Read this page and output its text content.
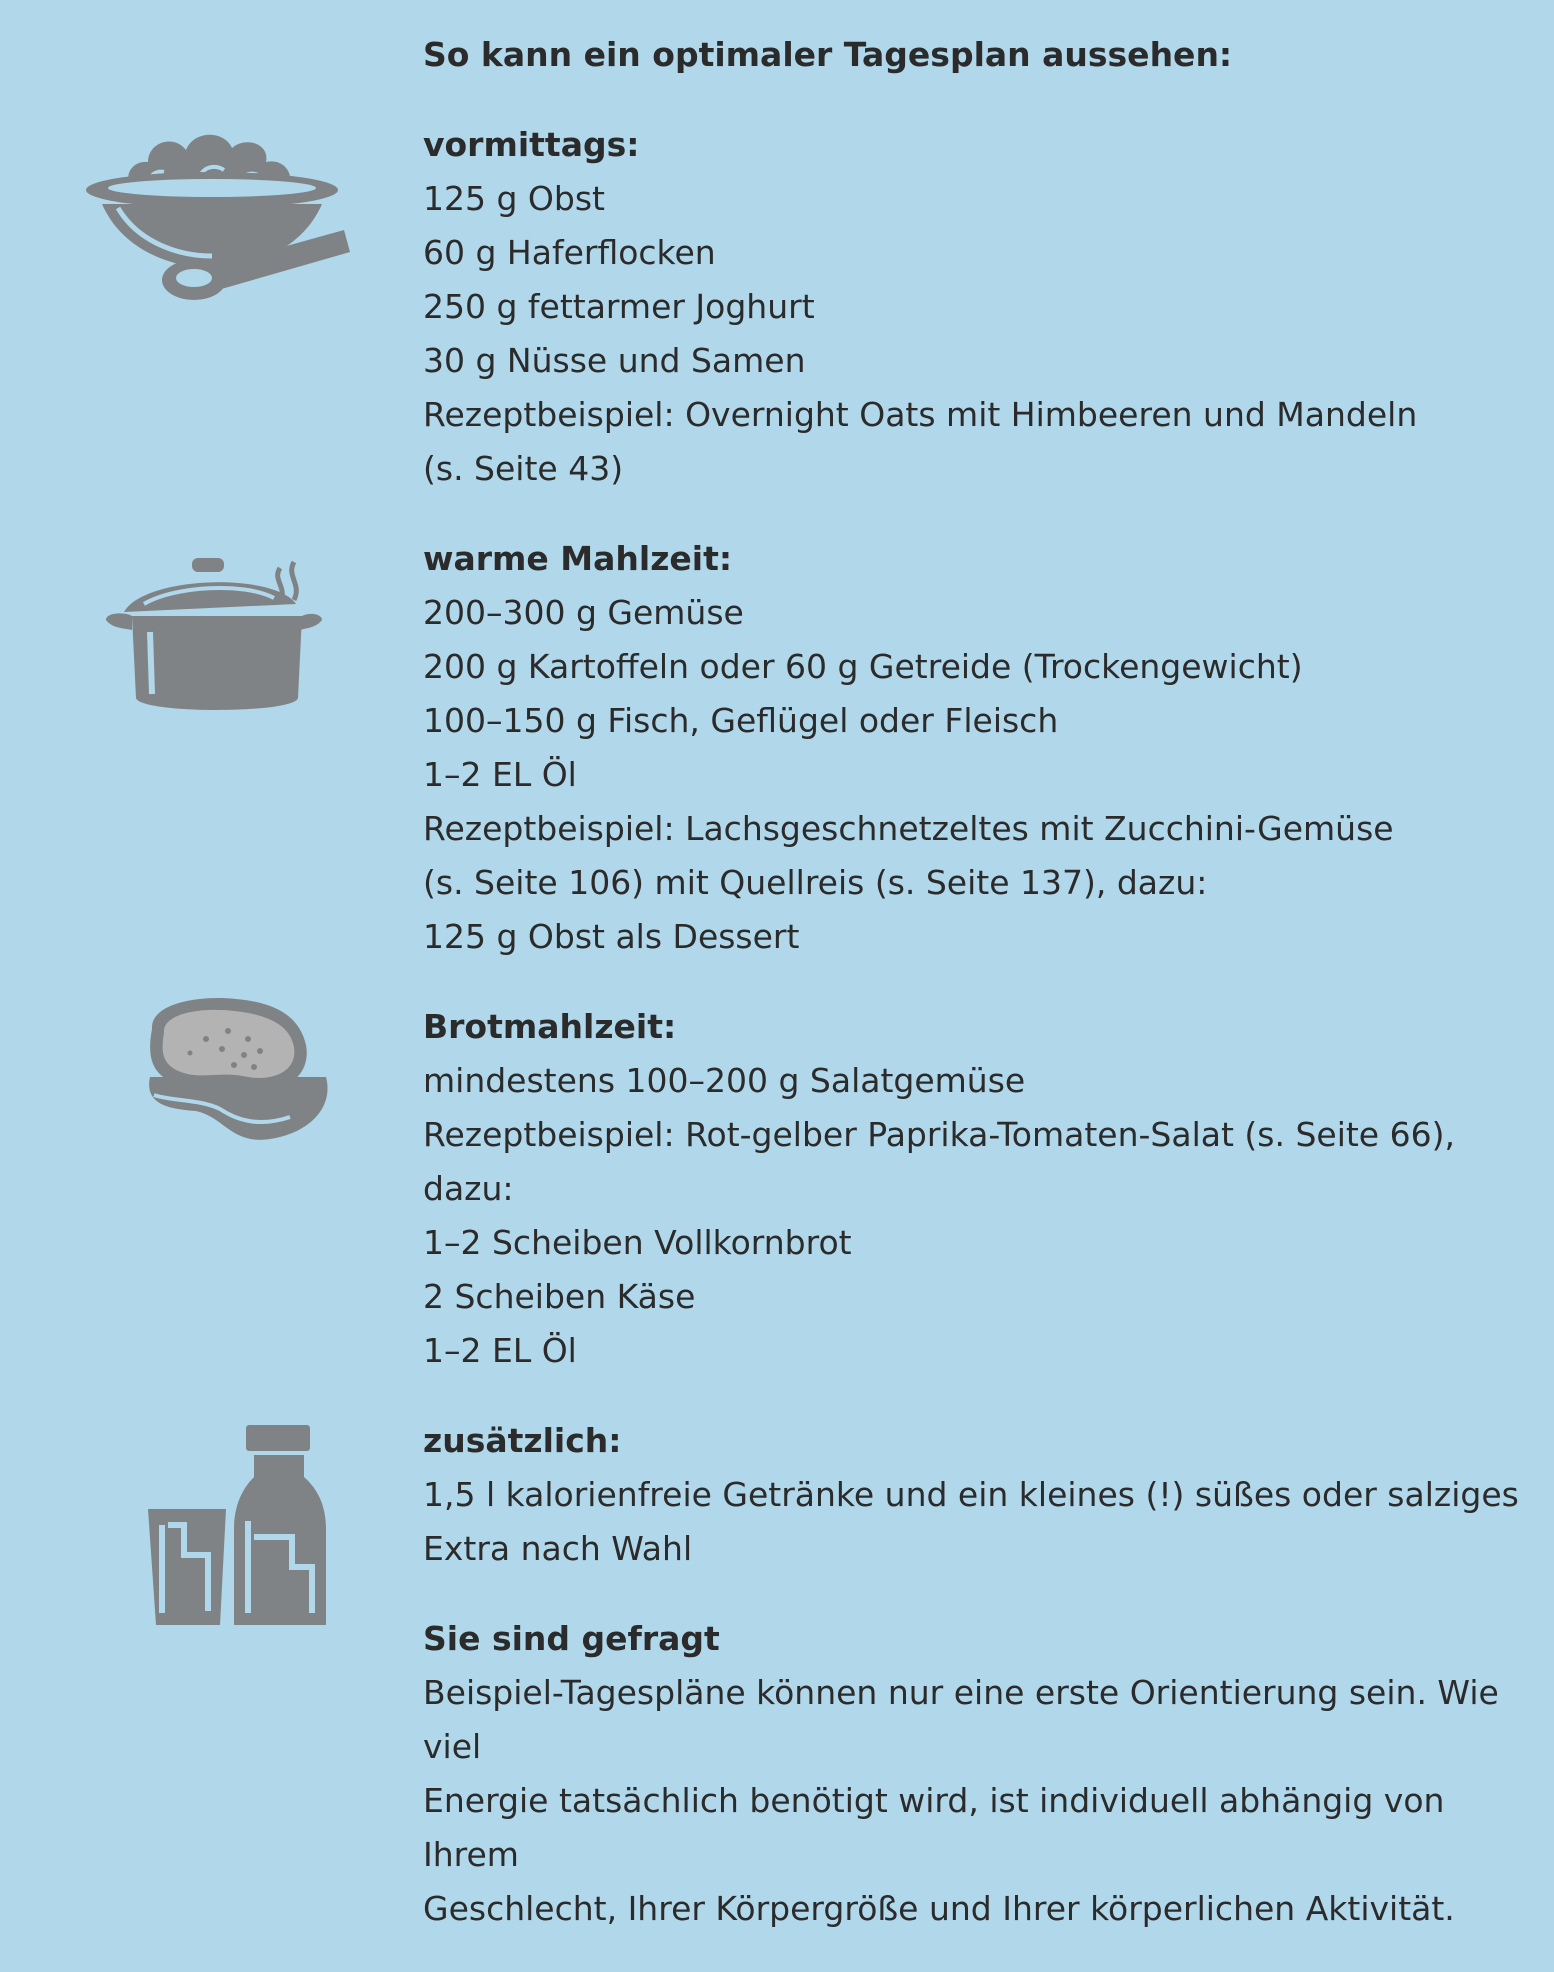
So kann ein optimaler Tagesplan aussehen:
vormittags:
125 g Obst
60 g Haferflocken
250 g fettarmer Joghurt
30 g Nüsse und Samen
Rezeptbeispiel: Overnight Oats mit Himbeeren und Mandeln
(s. Seite 43)
warme Mahlzeit:
200–300 g Gemüse
200 g Kartoffeln oder 60 g Getreide (Trockengewicht)
100–150 g Fisch, Geflügel oder Fleisch
1–2 EL Öl
Rezeptbeispiel: Lachsgeschnetzeltes mit Zucchini-Gemüse
(s. Seite 106) mit Quellreis (s. Seite 137), dazu:
125 g Obst als Dessert
Brotmahlzeit:
mindestens 100–200 g Salatgemüse
Rezeptbeispiel: Rot-gelber Paprika-Tomaten-Salat (s. Seite 66),
dazu:
1–2 Scheiben Vollkornbrot
2 Scheiben Käse
1–2 EL Öl
zusätzlich:
1,5 l kalorienfreie Getränke und ein kleines (!) süßes oder salziges
Extra nach Wahl
Sie sind gefragt
Beispiel-Tagespläne können nur eine erste Orientierung sein. Wie viel
Energie tatsächlich benötigt wird, ist individuell abhängig von Ihrem
Geschlecht, Ihrer Körpergröße und Ihrer körperlichen Aktivität.
